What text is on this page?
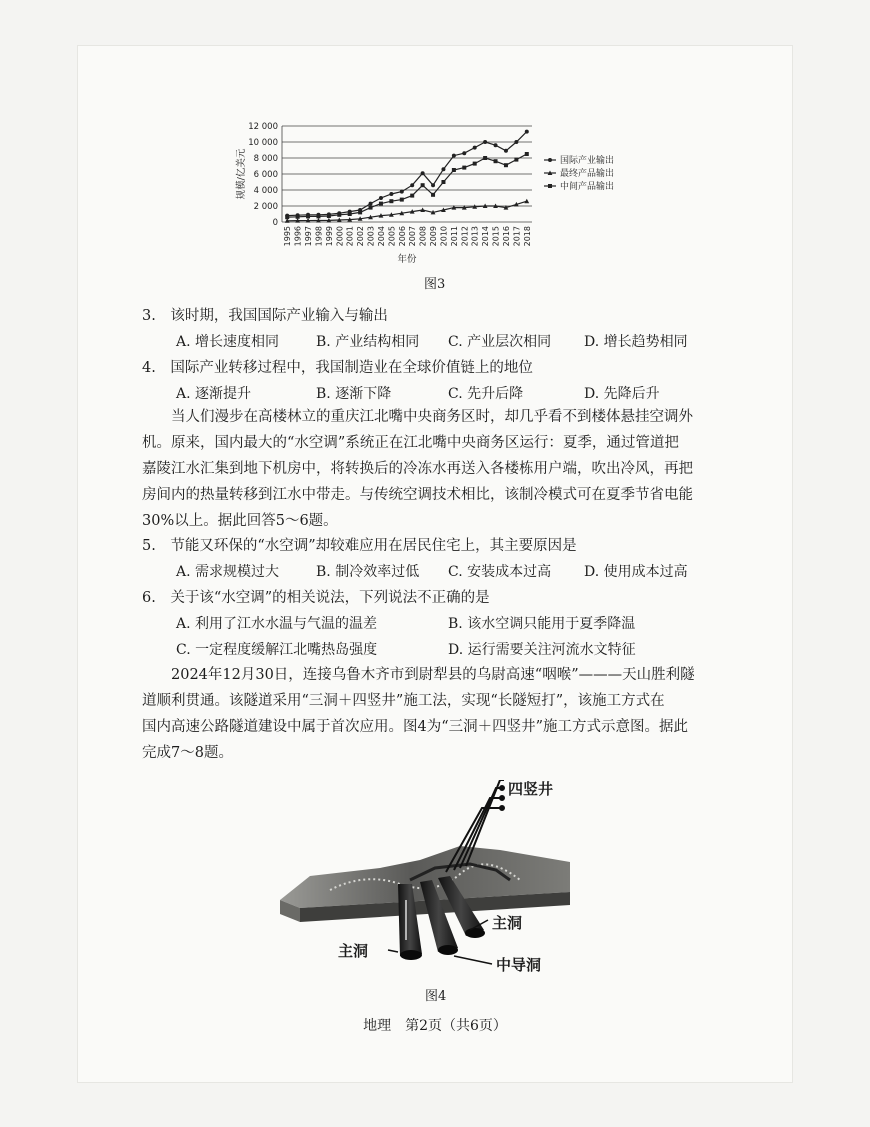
12 000
10 000
8 000
6 000
4 000
2 000
0
规模/亿美元
1995 1996 1997 1998 1999 2000 2001 2002 2003 2004 2005 2006 2007 2008 2009 2010 2011 2012 2013 2014 2015 2016 2017 2018
年份
国际产业输出
最终产品输出
中间产品输出
图3
3.　该时期，我国国际产业输入与输出
A. 增长速度相同	B. 产业结构相同 C. 产业层次相同 D. 增长趋势相同
4.　国际产业转移过程中，我国制造业在全球价值链上的地位
A. 逐渐提升	B. 逐渐下降	C. 先升后降	D. 先降后升
　　当人们漫步在高楼林立的重庆江北嘴中央商务区时，却几乎看不到楼体悬挂空调外
机。原来，国内最大的“水空调”系统正在江北嘴中央商务区运行：夏季，通过管道把
嘉陵江水汇集到地下机房中，将转换后的冷冻水再送入各楼栋用户端，吹出冷风，再把
房间内的热量转移到江水中带走。与传统空调技术相比，该制冷模式可在夏季节省电能
30%以上。据此回答5～6题。
5.　节能又环保的“水空调”却较难应用在居民住宅上，其主要原因是
A. 需求规模过大	B. 制冷效率过低 C. 安装成本过高 D. 使用成本过高
6.　关于该“水空调”的相关说法，下列说法不正确的是
A. 利用了江水水温与气温的温差	B. 该水空调只能用于夏季降温
C. 一定程度缓解江北嘴热岛强度	D. 运行需要关注河流水文特征
　　2024年12月30日，连接乌鲁木齐市到尉犁县的乌尉高速“咽喉”———天山胜利隧
道顺利贯通。该隧道采用“三洞＋四竖井”施工法，实现“长隧短打”，该施工方式在
国内高速公路隧道建设中属于首次应用。图4为“三洞＋四竖井”施工方式示意图。据此
完成7～8题。
四竖井
主洞
主洞
中导洞
图4
地理　第2页（共6页）
